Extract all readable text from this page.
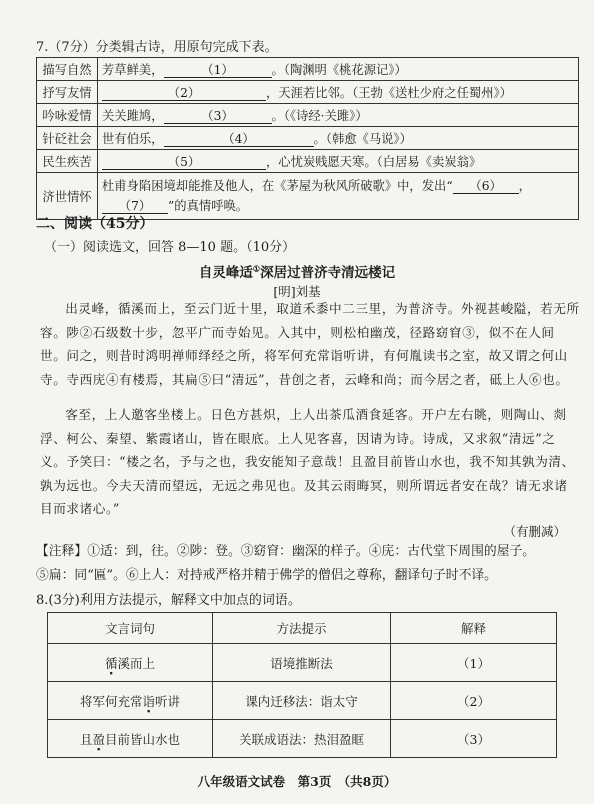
7.（7分）分类辑古诗，用原句完成下表。
描写自然	芳草鲜美， （1） 。（陶渊明《桃花源记》）
抒写友情	（2） ，天涯若比邻。（王勃《送杜少府之任蜀州》）
吟咏爱情	关关雎鸠， （3） 。（《诗经·关雎》）
针砭社会	世有伯乐， （4） 。（韩愈《马说》）
民生疾苦	（5） ，心忧炭贱愿天寒。（白居易《卖炭翁》
济世情怀	杜甫身陷困境却能推及他人，在《茅屋为秋风所破歌》中，发出“ （6） ，
（7） ”的真情呼唤。
二、阅读（45分）
（一）阅读选文，回答 8—10 题。（10分）
自灵峰适①深居过普济寺清远楼记
[明]刘基
出灵峰，循溪而上，至云门近十里，取道禾黍中二三里，为普济寺。外视甚峻隘，若无所容。陟②石级数十步，忽平广而寺始见。入其中，则松柏幽茂，径路窈窅③，似不在人间世。问之，则昔时鸿明禅师绎经之所，将军何充常诣听讲，有何胤读书之室，故又谓之何山寺。寺西庑④有楼焉，其扁⑤曰“清远”，昔创之者，云峰和尚；而今居之者，砥上人⑥也。
客至，上人邀客坐楼上。日色方甚炽，上人出茶瓜酒食延客。开户左右眺，则陶山、剡浮、柯公、秦望、紫霞诸山，皆在眼底。上人见客喜，因请为诗。诗成，又求叙“清远”之义。予笑曰：“楼之名，予与之也，我安能知子意哉！且盈目前皆山水也，我不知其孰为清、孰为远也。今夫天清而望远，无远之弗见也。及其云雨晦冥，则所谓远者安在哉？请无求诸目而求诸心。”
（有删减）
【注释】①适：到，往。②陟：登。③窈窅：幽深的样子。④庑：古代堂下周围的屋子。
⑤扁：同“匾”。⑥上人：对持戒严格并精于佛学的僧侣之尊称，翻译句子时不译。
8.(3分)利用方法提示，解释文中加点的词语。
文言词句	方法提示	解释
循溪而上	语境推断法	（1）
将军何充常诣听讲	课内迁移法：诣太守	（2）
且盈目前皆山水也	关联成语法：热泪盈眶	（3）
八年级语文试卷　第3页　（共8页）
